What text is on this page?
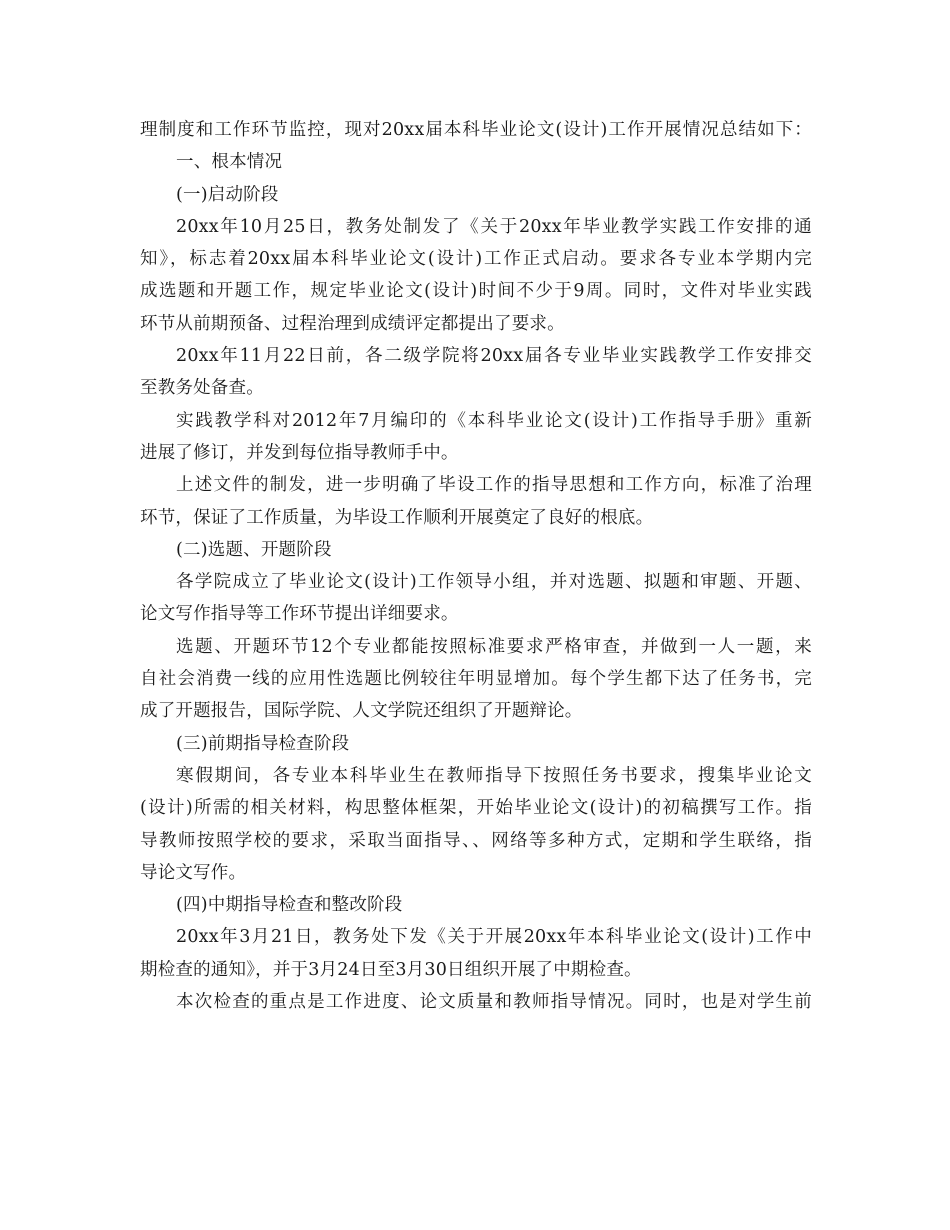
理制度和工作环节监控，现对20xx届本科毕业论文(设计)工作开展情况总结如下：
一、根本情况
(一)启动阶段
20xx年10月25日，教务处制发了《关于20xx年毕业教学实践工作安排的通
知》，标志着20xx届本科毕业论文(设计)工作正式启动。要求各专业本学期内完
成选题和开题工作，规定毕业论文(设计)时间不少于9周。同时，文件对毕业实践
环节从前期预备、过程治理到成绩评定都提出了要求。
20xx年11月22日前，各二级学院将20xx届各专业毕业实践教学工作安排交
至教务处备查。
实践教学科对2012年7月编印的《本科毕业论文(设计)工作指导手册》重新
进展了修订，并发到每位指导教师手中。
上述文件的制发，进一步明确了毕设工作的指导思想和工作方向，标准了治理
环节，保证了工作质量，为毕设工作顺利开展奠定了良好的根底。
(二)选题、开题阶段
各学院成立了毕业论文(设计)工作领导小组，并对选题、拟题和审题、开题、
论文写作指导等工作环节提出详细要求。
选题、开题环节12个专业都能按照标准要求严格审查，并做到一人一题，来
自社会消费一线的应用性选题比例较往年明显增加。每个学生都下达了任务书，完
成了开题报告，国际学院、人文学院还组织了开题辩论。
(三)前期指导检查阶段
寒假期间，各专业本科毕业生在教师指导下按照任务书要求，搜集毕业论文
(设计)所需的相关材料，构思整体框架，开始毕业论文(设计)的初稿撰写工作。指
导教师按照学校的要求，采取当面指导、、网络等多种方式，定期和学生联络，指
导论文写作。
(四)中期指导检查和整改阶段
20xx年3月21日，教务处下发《关于开展20xx年本科毕业论文(设计)工作中
期检查的通知》，并于3月24日至3月30日组织开展了中期检查。
本次检查的重点是工作进度、论文质量和教师指导情况。同时，也是对学生前
